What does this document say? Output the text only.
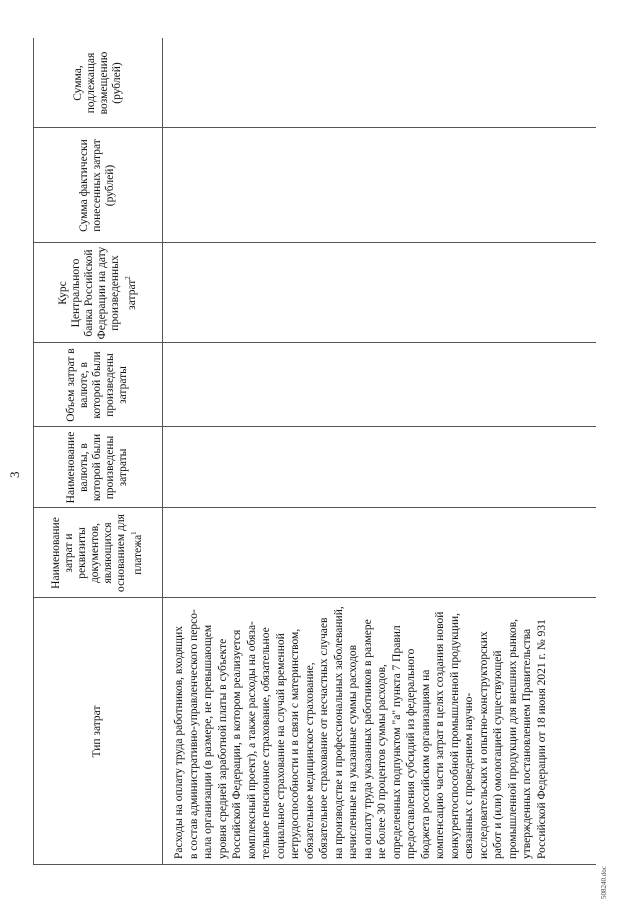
3
Тип затрат
Наименование затрат и реквизиты документов, являющихся основанием для платежа$^1$
Наименование валюты, в которой были произведены затраты
Объем затрат в валюте, в которой были произведены затраты
Курс Центрального банка Российской Федерации на дату произведенных затрат$^2$
Сумма фактически понесенных затрат (рублей)
Сумма, подлежащая возмещению (рублей)
Расходы на оплату труда работников, входящих в состав административно-управленческого персо- нала организации (в размере, не превышающем уровня средней заработной платы в субъекте Российской Федерации, в котором реализуется комплексный проект), а также расходы на обяза- тельное пенсионное страхование, обязательное социальное страхование на случай временной нетрудоспособности и в связи с материнством, обязательное медицинское страхование, обязательное страхование от несчастных случаев на производстве и профессиональных заболеваний, начисленные на указанные суммы расходов на оплату труда указанных работников в размере не более 30 процентов суммы расходов, определенных подпунктом "а" пункта 7 Правил предоставления субсидий из федерального бюджета российским организациям на компенсацию части затрат в целях создания новой конкурентоспособной промышленной продукции, связанных с проведением научно- исследовательских и опытно-конструкторских работ и (или) омологацией существующей промышленной продукции для внешних рынков, утвержденных постановлением Правительства Российской Федерации от 18 июня 2021 г. № 931
508240.doc
